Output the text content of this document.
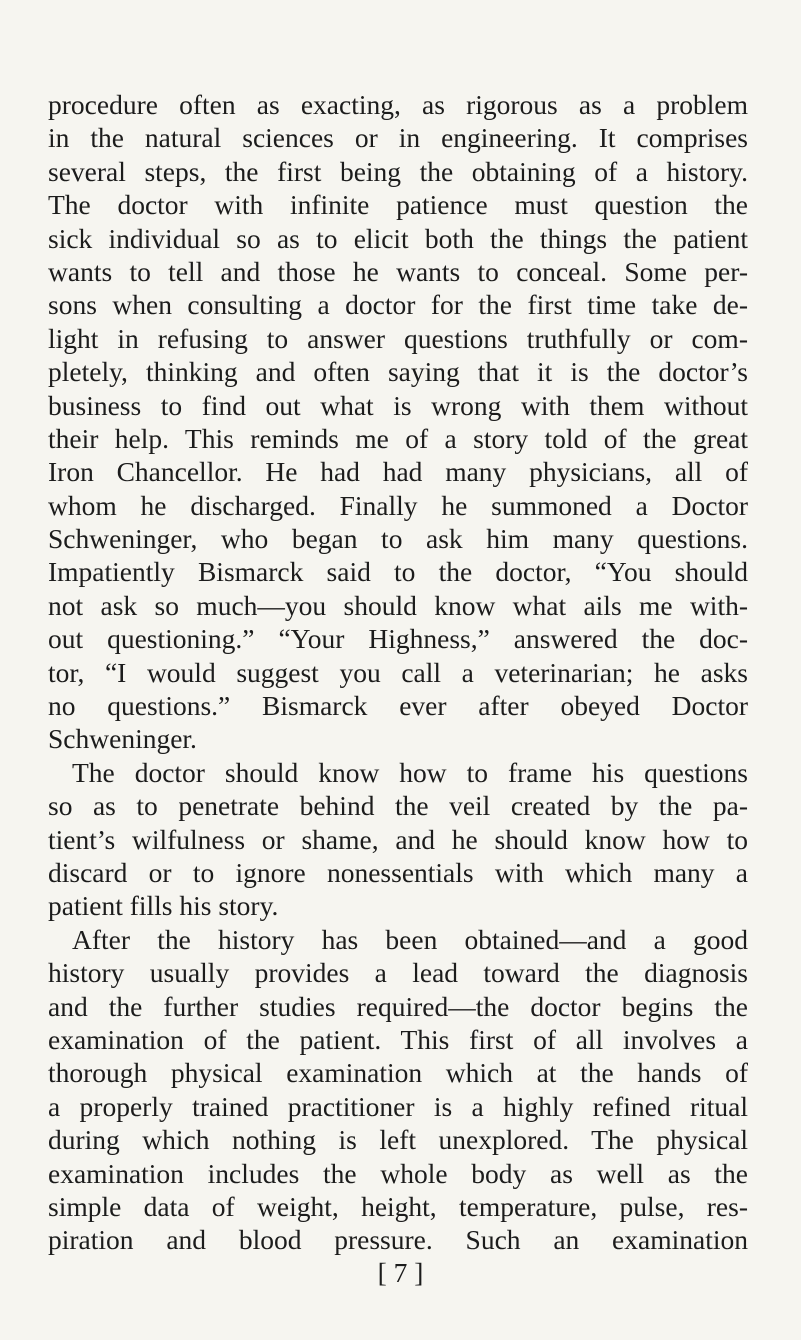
procedure often as exacting, as rigorous as a problem
in the natural sciences or in engineering. It comprises
several steps, the first being the obtaining of a history.
The doctor with infinite patience must question the
sick individual so as to elicit both the things the patient
wants to tell and those he wants to conceal. Some per-
sons when consulting a doctor for the first time take de-
light in refusing to answer questions truthfully or com-
pletely, thinking and often saying that it is the doctor’s
business to find out what is wrong with them without
their help. This reminds me of a story told of the great
Iron Chancellor. He had had many physicians, all of
whom he discharged. Finally he summoned a Doctor
Schweninger, who began to ask him many questions.
Impatiently Bismarck said to the doctor, “You should
not ask so much—you should know what ails me with-
out questioning.” “Your Highness,” answered the doc-
tor, “I would suggest you call a veterinarian; he asks
no questions.” Bismarck ever after obeyed Doctor
Schweninger.
The doctor should know how to frame his questions
so as to penetrate behind the veil created by the pa-
tient’s wilfulness or shame, and he should know how to
discard or to ignore nonessentials with which many a
patient fills his story.
After the history has been obtained—and a good
history usually provides a lead toward the diagnosis
and the further studies required—the doctor begins the
examination of the patient. This first of all involves a
thorough physical examination which at the hands of
a properly trained practitioner is a highly refined ritual
during which nothing is left unexplored. The physical
examination includes the whole body as well as the
simple data of weight, height, temperature, pulse, res-
piration and blood pressure. Such an examination
[ 7 ]
